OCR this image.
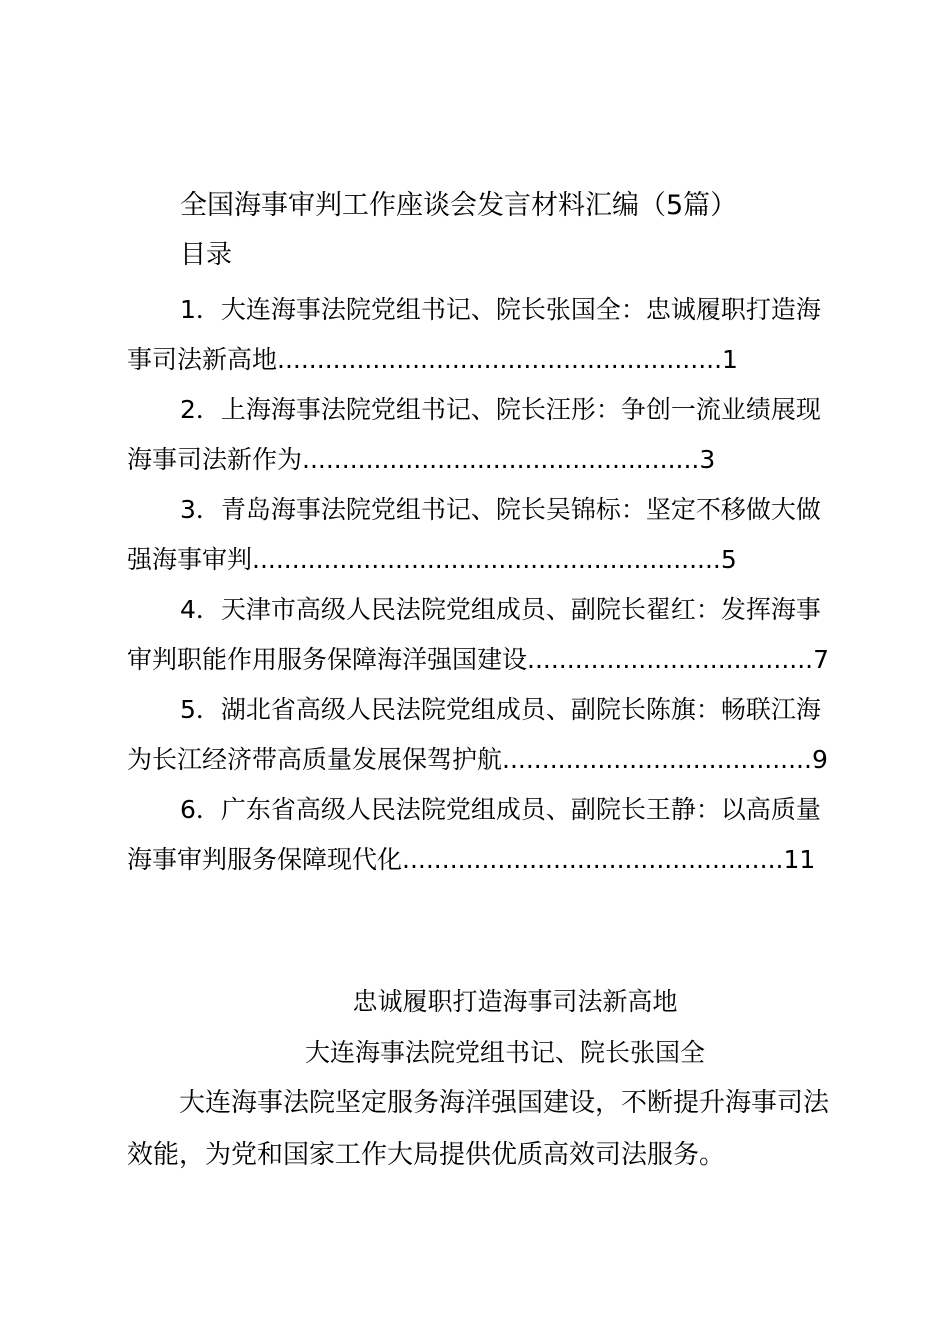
全国海事审判工作座谈会发言材料汇编（5篇）
目录
1．大连海事法院党组书记、院长张国全：忠诚履职打造海
事司法新高地 ........................................................ 1
2．上海海事法院党组书记、院长汪彤：争创一流业绩展现
海事司法新作为 .................................................. 3
3．青岛海事法院党组书记、院长吴锦标：坚定不移做大做
强海事审判 ........................................................... 5
4．天津市高级人民法院党组成员、副院长翟红：发挥海事
审判职能作用服务保障海洋强国建设 .................................... 7
5．湖北省高级人民法院党组成员、副院长陈旗：畅联江海
为长江经济带高质量发展保驾护航 ....................................... 9
6．广东省高级人民法院党组成员、副院长王静：以高质量
海事审判服务保障现代化 ................................................ 11
忠诚履职打造海事司法新高地
大连海事法院党组书记、院长张国全
大连海事法院坚定服务海洋强国建设，不断提升海事司法效能，为党和国家工作大局提供优质高效司法服务。
